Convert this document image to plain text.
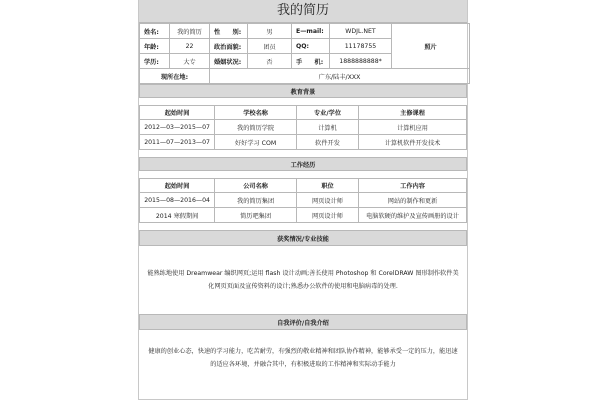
我的简历
姓名:	我的简历	性　　别:	男	E—mail:	WDJL.NET	照片
年龄:	22	政治面貌:	团员	QQ:	11178755	
学历:	大专	婚姻状况:	否	手　　机:	1888888888*	
现所在地:		广东/陆丰/XXX				
教育背景			

起始时间	学校名称	专业/学位	主修课程
2012—03—2015—07	我的简历学院	计算机	计算机应用
2011—07—2013—07	好好学习 COM	软件开发	计算机软件开发技术

工作经历			

起始时间	公司名称	职位	工作内容
2015—08—2016—04	我的简历集团	网页设计师	网站的制作和更新
2014 寒假期间	简历吧集团	网页设计师	电脑软硬的维护及宣传画册的设计

获奖情况/专业技能
能熟练地使用 Dreamwear 编织网页;运用 flash 设计动画;善长使用 Photoshop 和 CorelDRAW 图形制作软件美化网页页面及宣传资料的设计;熟悉办公软件的使用和电脑病毒的处理.
自我评价/自我介绍
健康的创业心态，快速的学习能力，吃苦耐劳，有强烈的敬业精神和团队协作精神，能够承受一定的压力，能迅速的适应各环境，并融合其中，有积极进取的工作精神和实际动手能力
